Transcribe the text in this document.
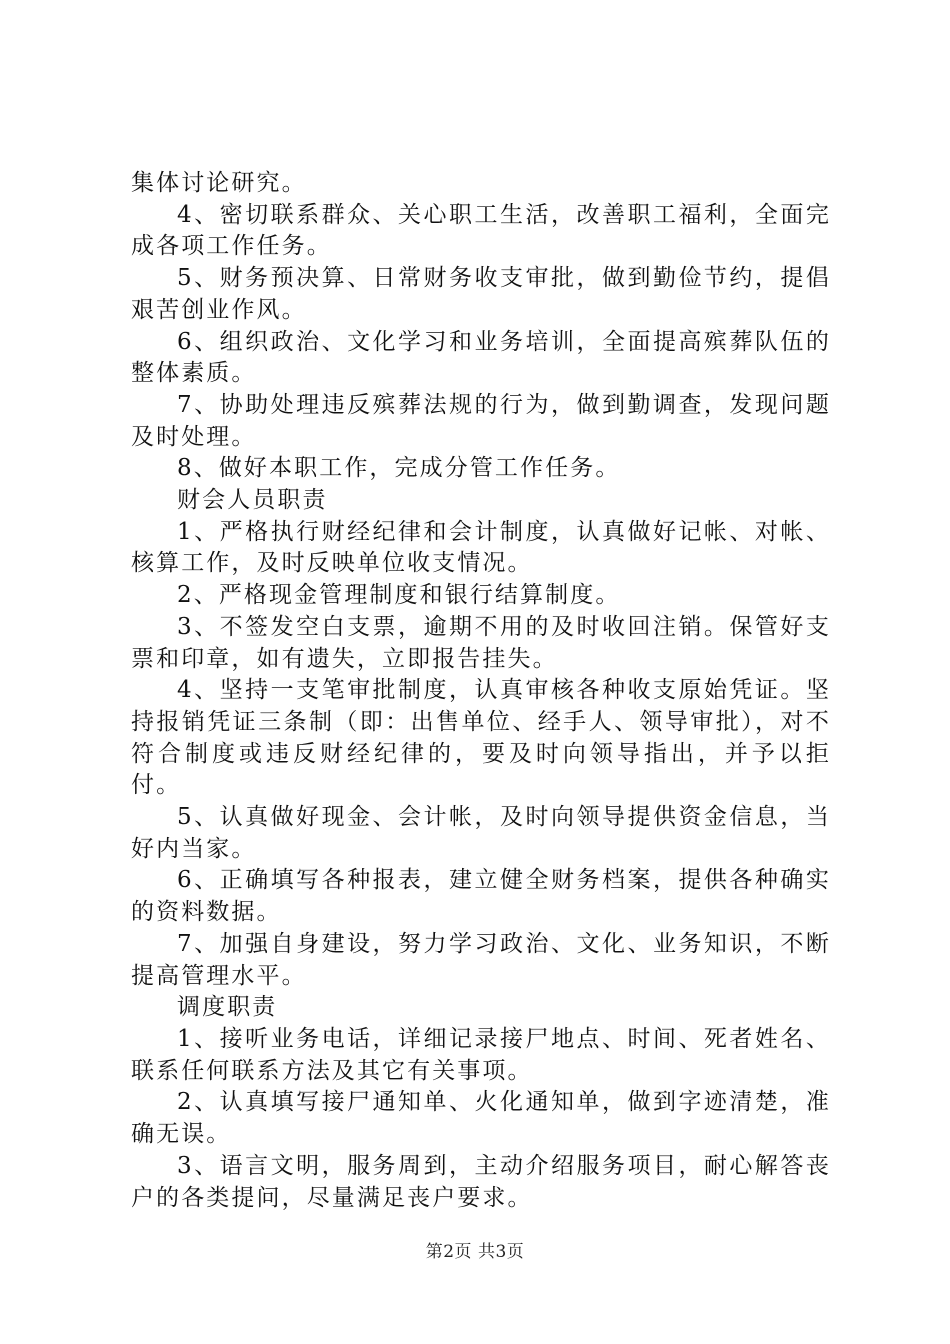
集体讨论研究。

4、密切联系群众、关心职工生活，改善职工福利，全面完成各项工作任务。

5、财务预决算、日常财务收支审批，做到勤俭节约，提倡艰苦创业作风。

6、组织政治、文化学习和业务培训，全面提高殡葬队伍的整体素质。

7、协助处理违反殡葬法规的行为，做到勤调查，发现问题及时处理。

8、做好本职工作，完成分管工作任务。

财会人员职责

1、严格执行财经纪律和会计制度，认真做好记帐、对帐、核算工作，及时反映单位收支情况。

2、严格现金管理制度和银行结算制度。

3、不签发空白支票，逾期不用的及时收回注销。保管好支票和印章，如有遗失，立即报告挂失。

4、坚持一支笔审批制度，认真审核各种收支原始凭证。坚持报销凭证三条制（即：出售单位、经手人、领导审批），对不符合制度或违反财经纪律的，要及时向领导指出，并予以拒付。

5、认真做好现金、会计帐，及时向领导提供资金信息，当好内当家。

6、正确填写各种报表，建立健全财务档案，提供各种确实的资料数据。

7、加强自身建设，努力学习政治、文化、业务知识，不断提高管理水平。

调度职责

1、接听业务电话，详细记录接尸地点、时间、死者姓名、联系任何联系方法及其它有关事项。

2、认真填写接尸通知单、火化通知单，做到字迹清楚，准确无误。

3、语言文明，服务周到，主动介绍服务项目，耐心解答丧户的各类提问，尽量满足丧户要求。

第2页 共3页
